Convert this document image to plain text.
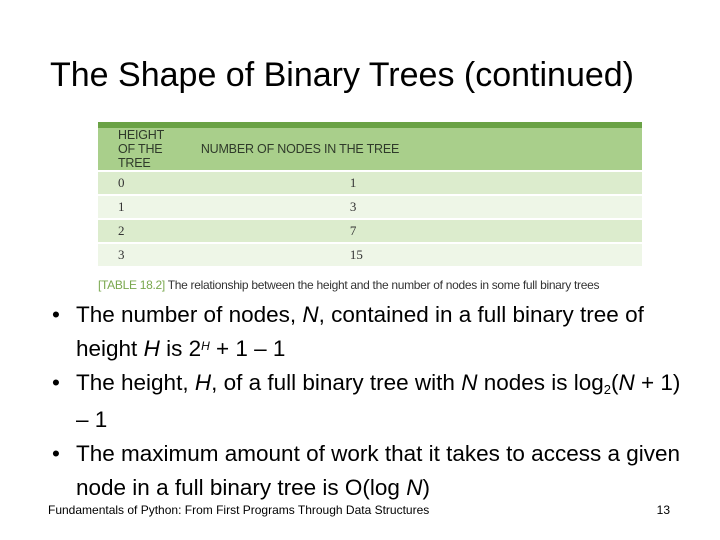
The Shape of Binary Trees (continued)
HEIGHT OF THE TREE	NUMBER OF NODES IN THE TREE
0	1
1	3
2	7
3	15
[TABLE 18.2] The relationship between the height and the number of nodes in some full binary trees
• The number of nodes, N, contained in a full binary tree of height H is $2^H + 1 - 1$
• The height, H, of a full binary tree with N nodes is $\log_2(N + 1) - 1$
• The maximum amount of work that it takes to access a given node in a full binary tree is O(log N)
Fundamentals of Python: From First Programs Through Data Structures	13
